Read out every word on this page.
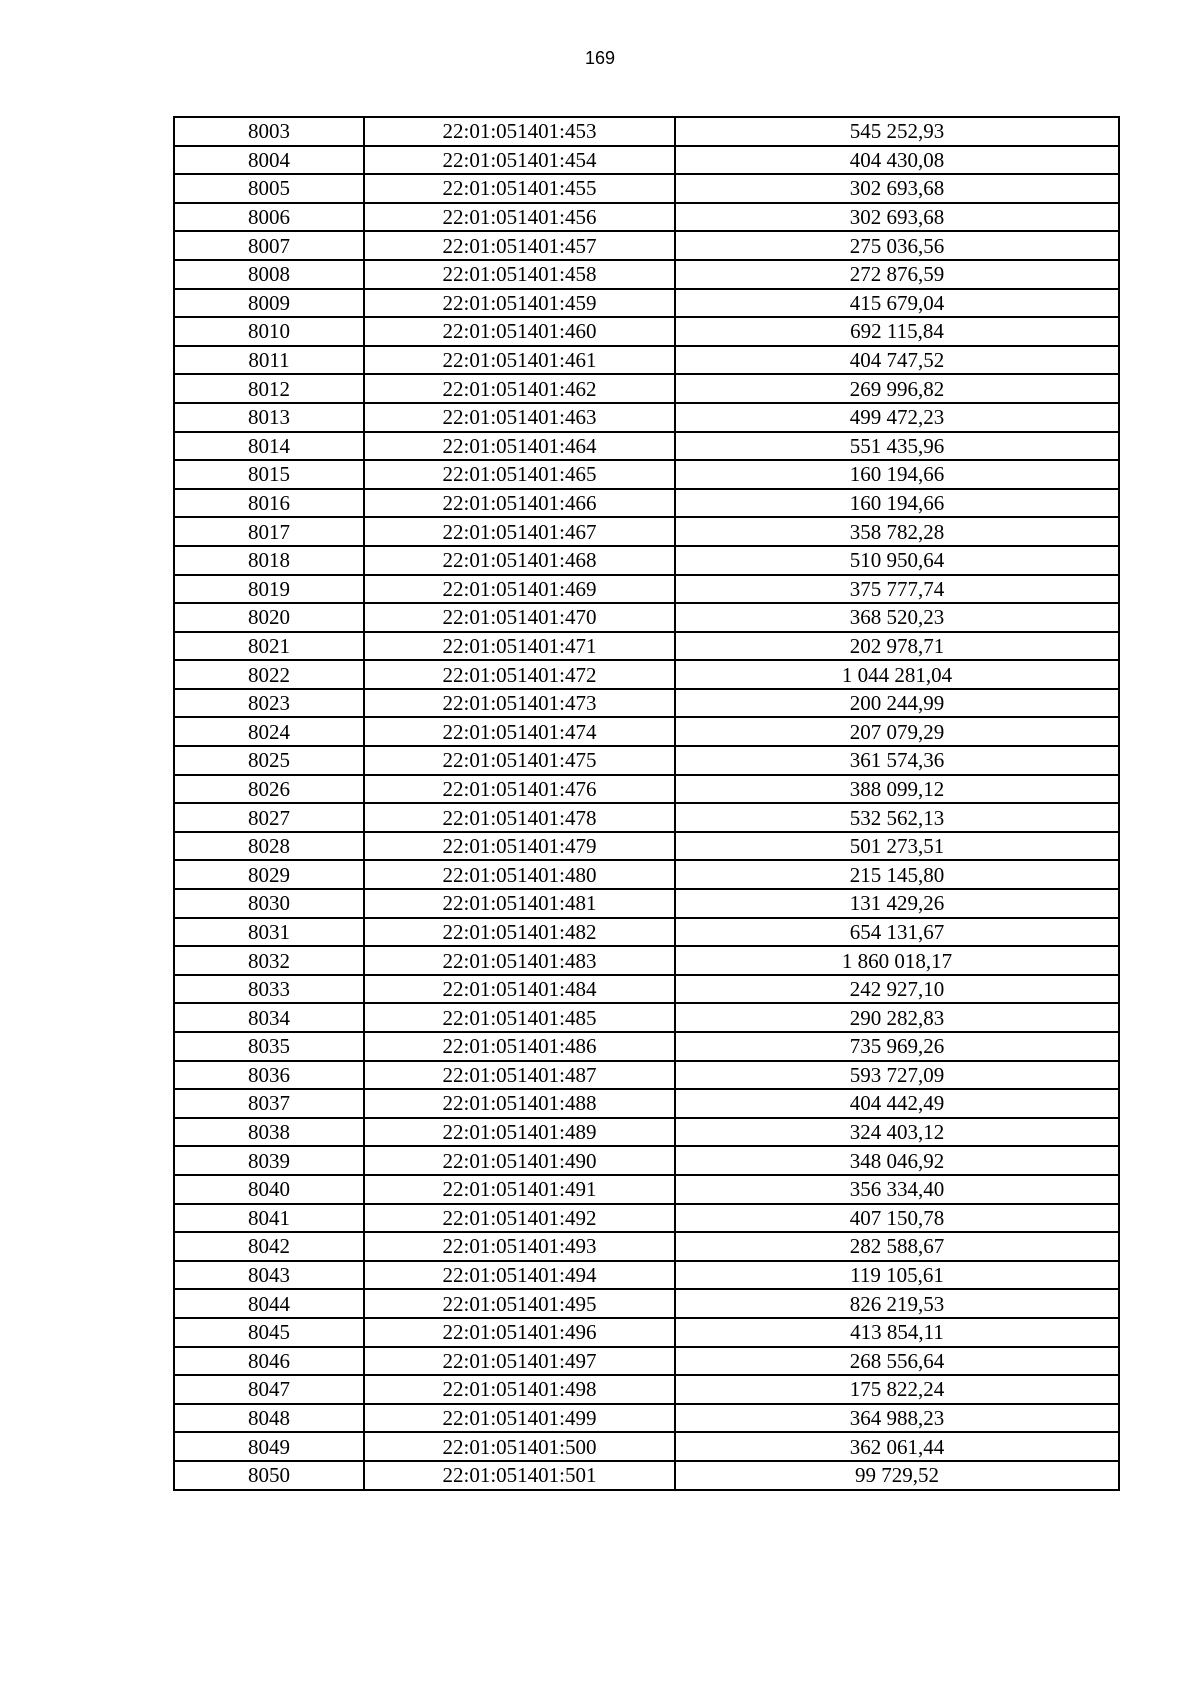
169
8003	22:01:051401:453	545 252,93
8004	22:01:051401:454	404 430,08
8005	22:01:051401:455	302 693,68
8006	22:01:051401:456	302 693,68
8007	22:01:051401:457	275 036,56
8008	22:01:051401:458	272 876,59
8009	22:01:051401:459	415 679,04
8010	22:01:051401:460	692 115,84
8011	22:01:051401:461	404 747,52
8012	22:01:051401:462	269 996,82
8013	22:01:051401:463	499 472,23
8014	22:01:051401:464	551 435,96
8015	22:01:051401:465	160 194,66
8016	22:01:051401:466	160 194,66
8017	22:01:051401:467	358 782,28
8018	22:01:051401:468	510 950,64
8019	22:01:051401:469	375 777,74
8020	22:01:051401:470	368 520,23
8021	22:01:051401:471	202 978,71
8022	22:01:051401:472	1 044 281,04
8023	22:01:051401:473	200 244,99
8024	22:01:051401:474	207 079,29
8025	22:01:051401:475	361 574,36
8026	22:01:051401:476	388 099,12
8027	22:01:051401:478	532 562,13
8028	22:01:051401:479	501 273,51
8029	22:01:051401:480	215 145,80
8030	22:01:051401:481	131 429,26
8031	22:01:051401:482	654 131,67
8032	22:01:051401:483	1 860 018,17
8033	22:01:051401:484	242 927,10
8034	22:01:051401:485	290 282,83
8035	22:01:051401:486	735 969,26
8036	22:01:051401:487	593 727,09
8037	22:01:051401:488	404 442,49
8038	22:01:051401:489	324 403,12
8039	22:01:051401:490	348 046,92
8040	22:01:051401:491	356 334,40
8041	22:01:051401:492	407 150,78
8042	22:01:051401:493	282 588,67
8043	22:01:051401:494	119 105,61
8044	22:01:051401:495	826 219,53
8045	22:01:051401:496	413 854,11
8046	22:01:051401:497	268 556,64
8047	22:01:051401:498	175 822,24
8048	22:01:051401:499	364 988,23
8049	22:01:051401:500	362 061,44
8050	22:01:051401:501	99 729,52
